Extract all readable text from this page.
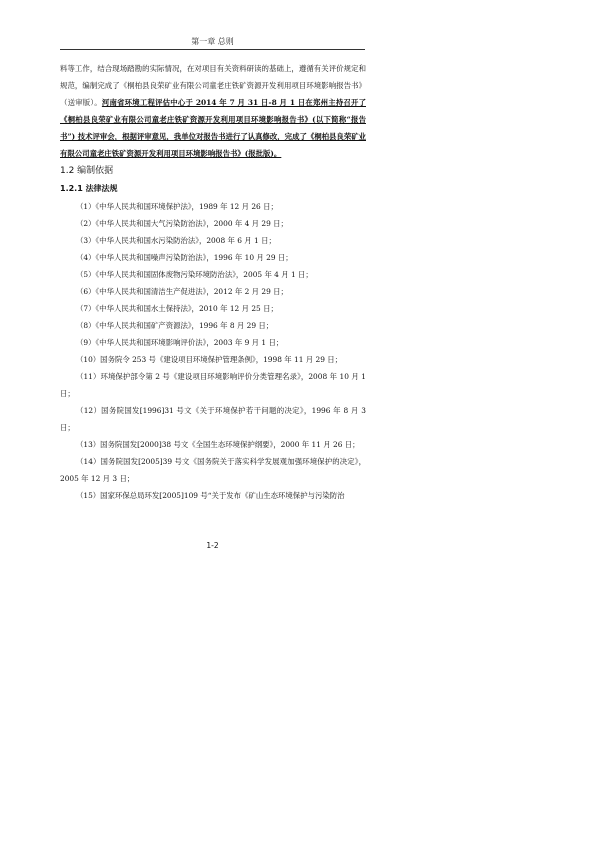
第一章 总则

料等工作，结合现场踏勘的实际情况，在对项目有关资料研读的基础上，遵循有关评价规定和规范，编制完成了《桐柏县良荣矿业有限公司童老庄铁矿资源开发利用项目环境影响报告书》（送审版）。河南省环境工程评估中心于 2014 年 7 月 31 日-8 月 1 日在郑州主持召开了《桐柏县良荣矿业有限公司童老庄铁矿资源开发利用项目环境影响报告书》(以下简称“报告书”) 技术评审会，根据评审意见，我单位对报告书进行了认真修改，完成了《桐柏县良荣矿业有限公司童老庄铁矿资源开发利用项目环境影响报告书》(报批版)。

1.2 编制依据
1.2.1 法律法规
（1）《中华人民共和国环境保护法》，1989 年 12 月 26 日；
（2）《中华人民共和国大气污染防治法》，2000 年 4 月 29 日；
（3）《中华人民共和国水污染防治法》，2008 年 6 月 1 日；
（4）《中华人民共和国噪声污染防治法》，1996 年 10 月 29 日；
（5）《中华人民共和国固体废物污染环境防治法》，2005 年 4 月 1 日；
（6）《中华人民共和国清洁生产促进法》，2012 年 2 月 29 日；
（7）《中华人民共和国水土保持法》，2010 年 12 月 25 日；
（8）《中华人民共和国矿产资源法》，1996 年 8 月 29 日；
（9）《中华人民共和国环境影响评价法》，2003 年 9 月 1 日；
（10）国务院令 253 号《建设项目环境保护管理条例》，1998 年 11 月 29 日；
（11）环境保护部令第 2 号《建设项目环境影响评价分类管理名录》，2008 年 10 月 1 日；
（12）国务院国发[1996]31 号文《关于环境保护若干问题的决定》，1996 年 8 月 3 日；
（13）国务院国发[2000]38 号文《全国生态环境保护纲要》，2000 年 11 月 26 日；
（14）国务院国发[2005]39 号文《国务院关于落实科学发展观加强环境保护的决定》，2005 年 12 月 3 日；
（15）国家环保总局环发[2005]109 号“关于发布《矿山生态环境保护与污染防治
1-2
